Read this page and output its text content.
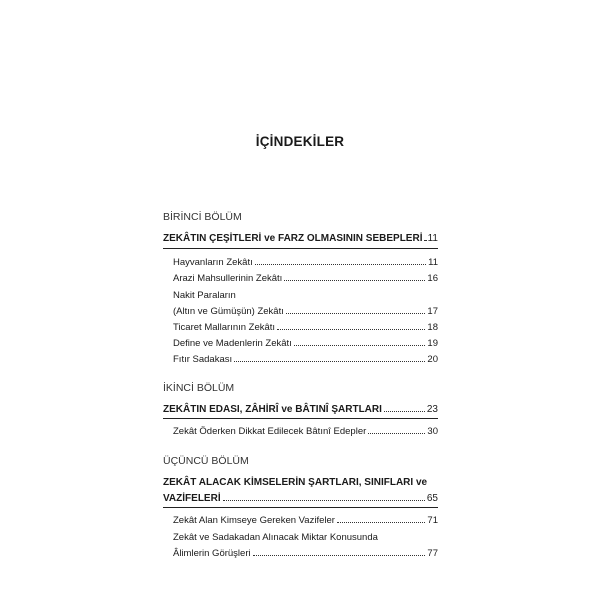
İÇİNDEKİLER
BİRİNCİ BÖLÜM
ZEKÂTIN ÇEŞİTLERİ ve FARZ OLMASININ SEBEPLERİ 11
Hayvanların Zekâtı	11
Arazi Mahsullerinin Zekâtı	16
Nakit Paraların
(Altın ve Gümüşün) Zekâtı	17
Ticaret Mallarının Zekâtı	18
Define ve Madenlerin Zekâtı	19
Fıtır Sadakası	20
İKİNCİ BÖLÜM
ZEKÂTIN EDASI, ZÂHİRÎ ve BÂTINÎ ŞARTLARI	23
Zekât Öderken Dikkat Edilecek Bâtınî Edepler	30
ÜÇÜNCÜ BÖLÜM
ZEKÂT ALACAK KİMSELERİN ŞARTLARI, SINIFLARI ve
VAZİFELERİ	65
Zekât Alan Kimseye Gereken Vazifeler	71
Zekât ve Sadakadan Alınacak Miktar Konusunda
Âlimlerin Görüşleri	77
